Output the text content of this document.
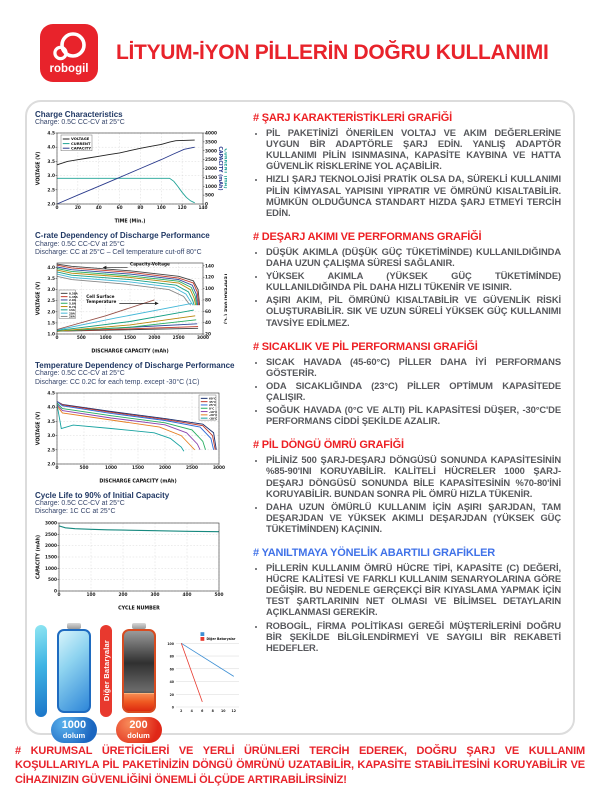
robogil
LİTYUM-İYON PİLLERİN DOĞRU KULLANIMI
Charge Characteristics
Charge: 0.5C CC-CV at 25°C
0	20	40	60	80	100	120	140
2.0
2.5
3.0
3.5
4.0
4.5
0
500
1000
1500
2000
2500
3000
3500
4000
TIME (Min.)
VOLTAGE (V)	CAPACITY (mAh) CURRENT (mA)
VOLTAGE
CURRENT
CAPACITY
C-rate Dependency of Discharge Performance
Charge: 0.5C CC-CV at 25°C
Discharge: CC at 25°C – Cell temperature cut-off 80°C
0	500	1000	1500	2000	2500	3000
1.0
1.5
2.0
2.5
3.0
3.5
4.0
20
40
60
80
100
120
140
DISCHARGE CAPACITY (mAh)
VOLTAGE (V)	TEMPERATURE (°C)
0.58A
1.45A
2.9A
5.8A
8.7A
13A
20A
26A
Capacity-Voltage
Cell Surface
Temperature
Temperature Dependency of Discharge Performance
Charge: 0.5C CC-CV at 25°C
Discharge: CC 0.2C for each temp. except -30°C (1C)
0	500	1000	1500	2000	2500	3000
2.0
2.5
3.0
3.5
4.0
4.5
DISCHARGE CAPACITY (mAh)
VOLTAGE (V)
60°C
45°C
25°C
0°C
-10°C
-20°C
-30°C
Cycle Life to 90% of Initial Capacity
Charge: 0.5C CC-CV at 25°C
Discharge: 1C CC at 25°C
0	100	200	300	400	500
0
500
1000
1500
2000
2500
3000
CYCLE NUMBER
CAPACITY (mAh)
1000
dolum
Diğer Bataryalar
200
dolum
2	4	6	8 10 12
0
20
40
60
80
100
Diğer Bataryalar
# ŞARJ KARAKTERİSTİKLERİ GRAFİĞİ
• PİL PAKETİNİZİ ÖNERİLEN VOLTAJ VE AKIM DEĞERLERİNE UYGUN BİR ADAPTÖRLE ŞARJ EDİN. YANLIŞ ADAPTÖR KULLANIMI PİLİN ISINMASINA, KAPASİTE KAYBINA VE HATTA GÜVENLİK RİSKLERİNE YOL AÇABİLİR.
• HIZLI ŞARJ TEKNOLOJİSİ PRATİK OLSA DA, SÜREKLİ KULLANIMI PİLİN KİMYASAL YAPISINI YIPRATIR VE ÖMRÜNÜ KISALTABİLİR. MÜMKÜN OLDUĞUNCA STANDART HIZDA ŞARJ ETMEYİ TERCİH EDİN.
# DEŞARJ AKIMI VE PERFORMANS GRAFİĞİ
• DÜŞÜK AKIMLA (DÜŞÜK GÜÇ TÜKETİMİNDE) KULLANILDIĞINDA DAHA UZUN ÇALIŞMA SÜRESİ SAĞLANIR.
• YÜKSEK AKIMLA (YÜKSEK GÜÇ TÜKETİMİNDE) KULLANILDIĞINDA PİL DAHA HIZLI TÜKENİR VE ISINIR.
• AŞIRI AKIM, PİL ÖMRÜNÜ KISALTABİLİR VE GÜVENLİK RİSKİ OLUŞTURABİLİR. SIK VE UZUN SÜRELİ YÜKSEK GÜÇ KULLANIMI TAVSİYE EDİLMEZ.
# SICAKLIK VE PİL PERFORMANSI GRAFİĞİ
• SICAK HAVADA (45-60°C) PİLLER DAHA İYİ PERFORMANS GÖSTERİR.
• ODA SICAKLIĞINDA (23°C) PİLLER OPTİMUM KAPASİTEDE ÇALIŞIR.
• SOĞUK HAVADA (0°C VE ALTI) PİL KAPASİTESİ DÜŞER, -30°C'DE PERFORMANS CİDDİ ŞEKİLDE AZALIR.
# PİL DÖNGÜ ÖMRÜ GRAFİĞİ
• PİLİNİZ 500 ŞARJ-DEŞARJ DÖNGÜSÜ SONUNDA KAPASİTESİNİN %85-90'INI KORUYABİLİR. KALİTELİ HÜCRELER 1000 ŞARJ-DEŞARJ DÖNGÜSÜ SONUNDA BİLE KAPASİTESİNİN %70-80'İNİ KORUYABİLİR. BUNDAN SONRA PİL ÖMRÜ HIZLA TÜKENİR.
• DAHA UZUN ÖMÜRLÜ KULLANIM İÇİN AŞIRI ŞARJDAN, TAM DEŞARJDAN VE YÜKSEK AKIMLI DEŞARJDAN (YÜKSEK GÜÇ TÜKETİMİNDEN) KAÇININ.
# YANILTMAYA YÖNELİK ABARTILI GRAFİKLER
• PİLLERİN KULLANIM ÖMRÜ HÜCRE TİPİ, KAPASİTE (C) DEĞERİ, HÜCRE KALİTESİ VE FARKLI KULLANIM SENARYOLARINA GÖRE DEĞİŞİR. BU NEDENLE GERÇEKÇİ BİR KIYASLAMA YAPMAK İÇİN TEST ŞARTLARININ NET OLMASI VE BİLİMSEL DETAYLARIN AÇIKLANMASI GEREKİR.
• ROBOGİL, FİRMA POLİTİKASI GEREĞİ MÜŞTERİLERİNİ DOĞRU BİR ŞEKİLDE BİLGİLENDİRMEYİ VE SAYGILI BİR REKABETİ HEDEFLER.
# KURUMSAL ÜRETİCİLERİ VE YERLİ ÜRÜNLERİ TERCİH EDEREK, DOĞRU ŞARJ VE KULLANIM KOŞULLARIYLA PİL PAKETİNİZİN DÖNGÜ ÖMRÜNÜ UZATABİLİR, KAPASİTE STABİLİTESİNİ KORUYABİLİR VE CİHAZINIZIN GÜVENLİĞİNİ ÖNEMLİ ÖLÇÜDE ARTIRABİLİRSİNİZ!
